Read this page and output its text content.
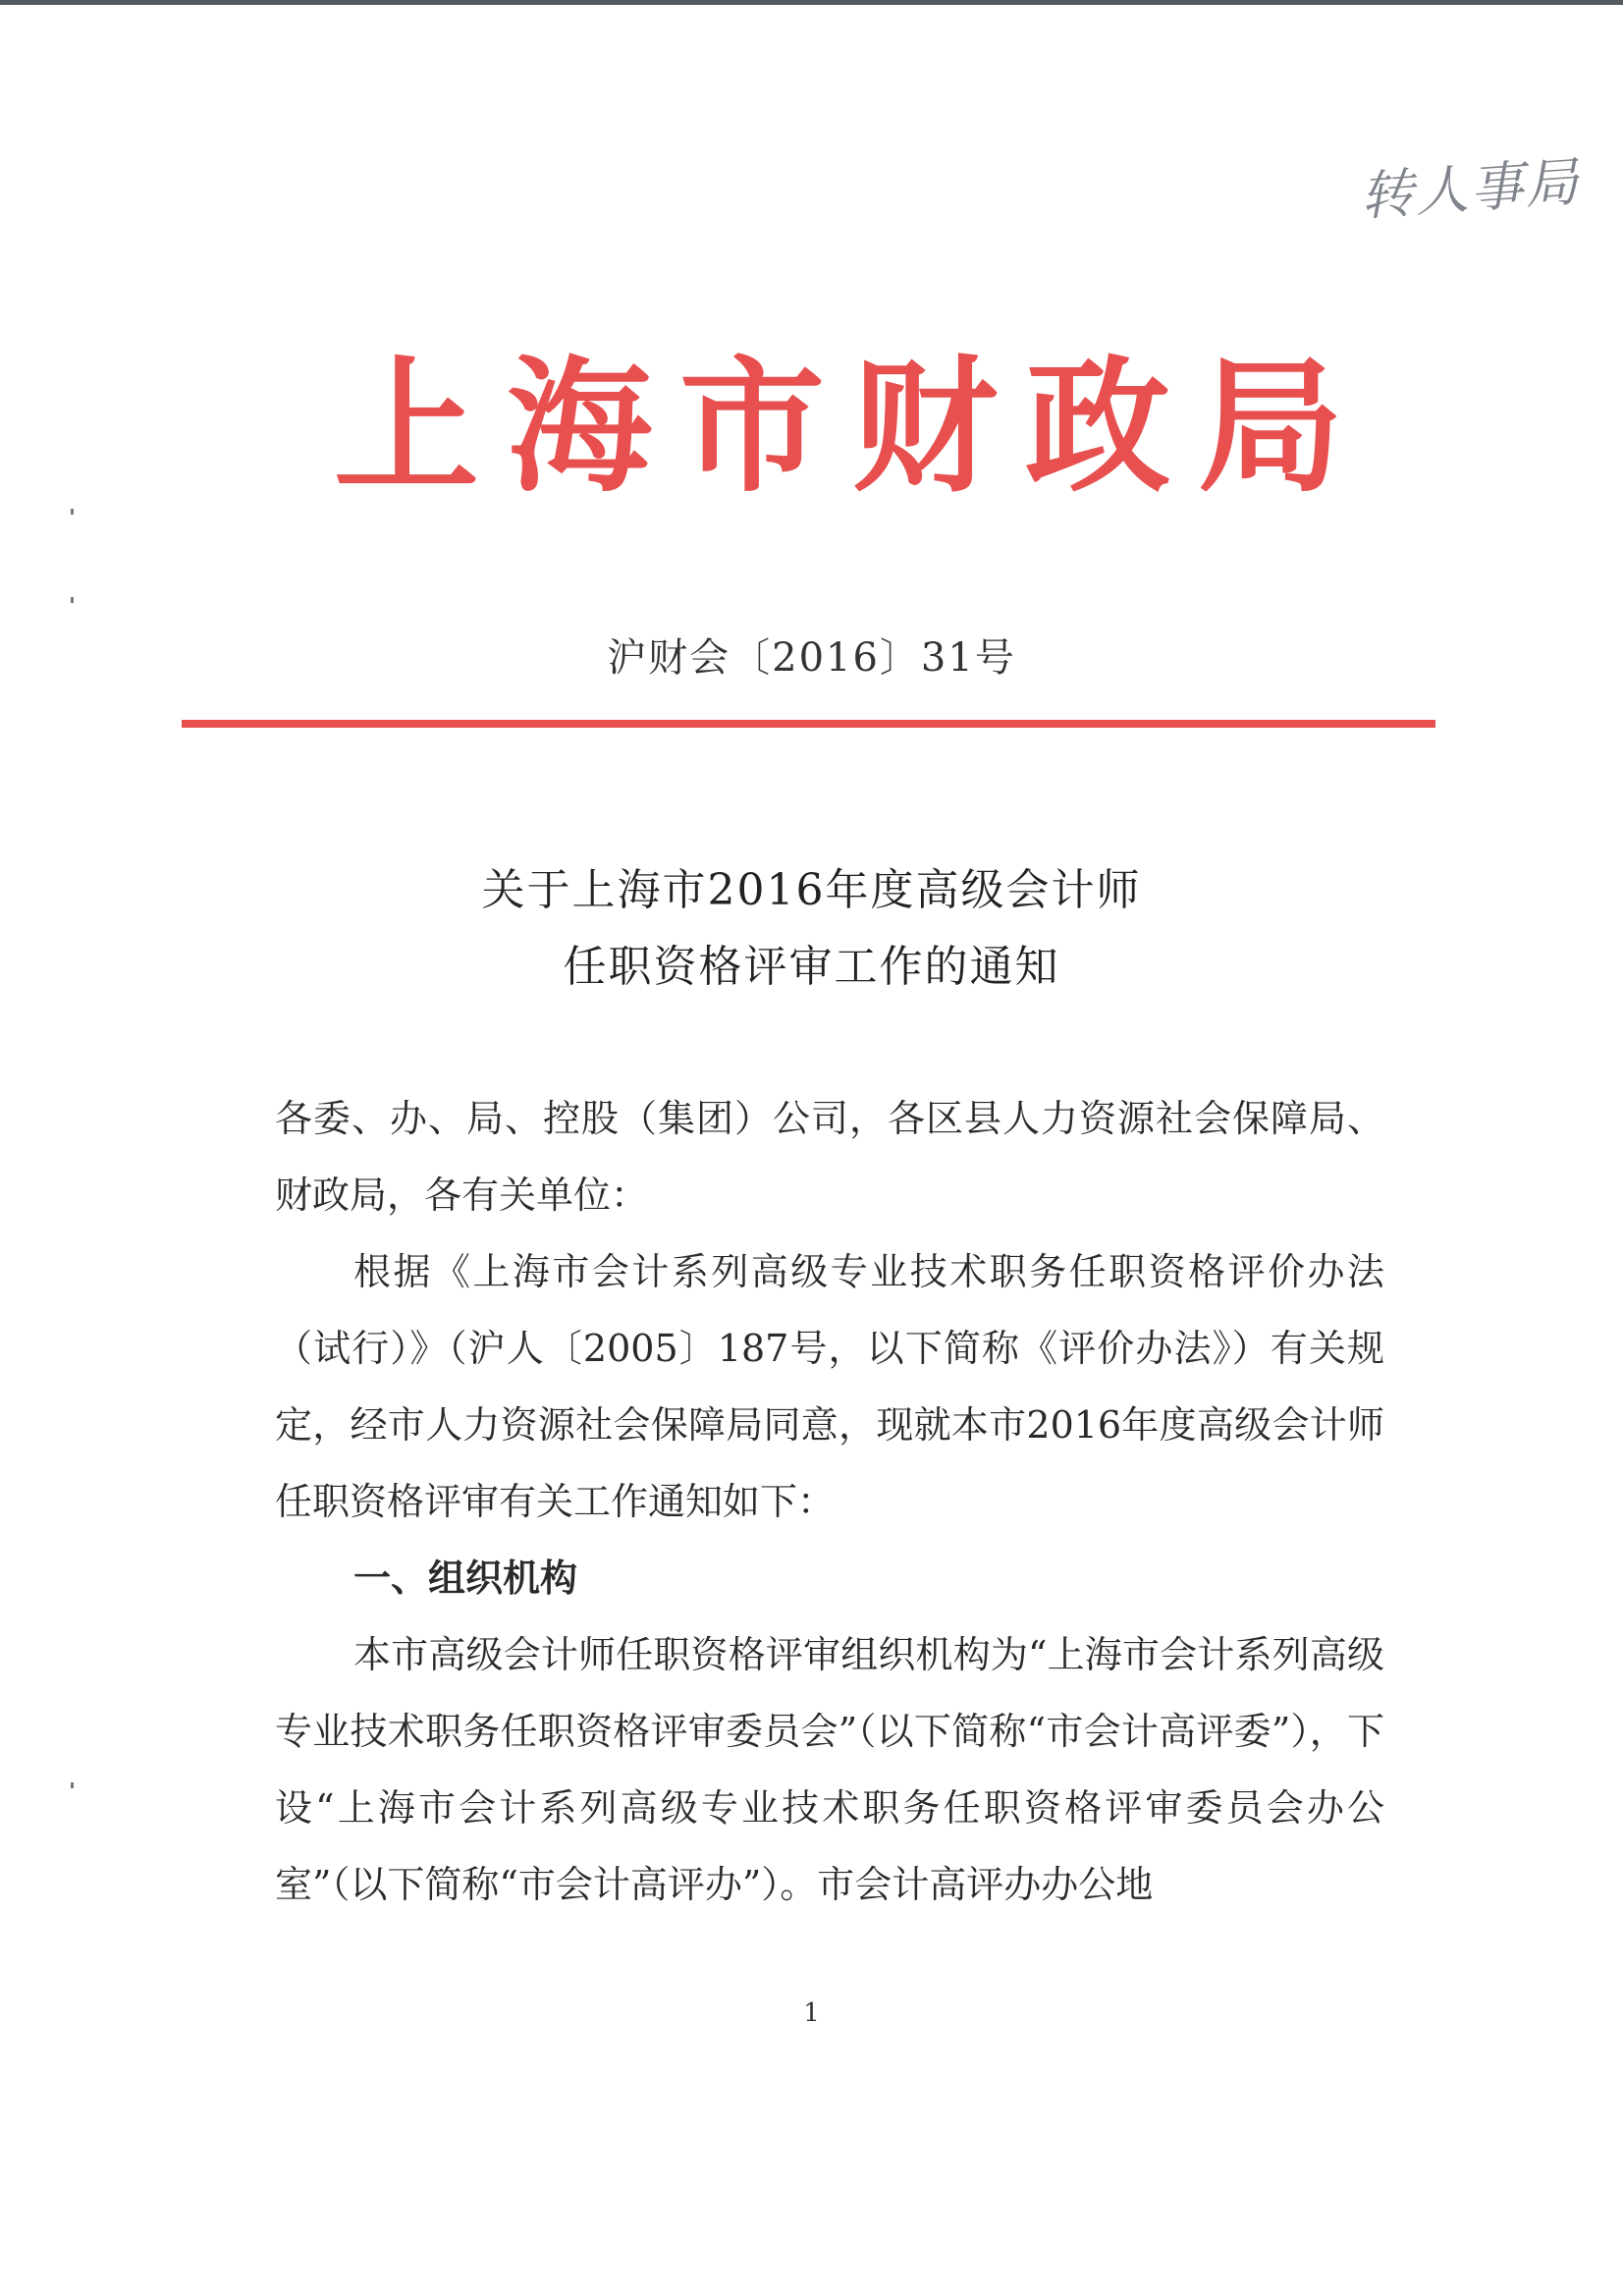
转人事局
上海市财政局
沪财会〔2016〕31号
关于上海市2016年度高级会计师
任职资格评审工作的通知

各委、办、局、控股（集团）公司，各区县人力资源社会保障局、财政局，各有关单位：

根据《上海市会计系列高级专业技术职务任职资格评价办法（试行）》（沪人〔2005〕187号，以下简称《评价办法》）有关规定，经市人力资源社会保障局同意，现就本市2016年度高级会计师任职资格评审有关工作通知如下：

一、组织机构

本市高级会计师任职资格评审组织机构为“上海市会计系列高级专业技术职务任职资格评审委员会”（以下简称“市会计高评委”），下设“上海市会计系列高级专业技术职务任职资格评审委员会办公室”（以下简称“市会计高评办”）。市会计高评办办公地

1
